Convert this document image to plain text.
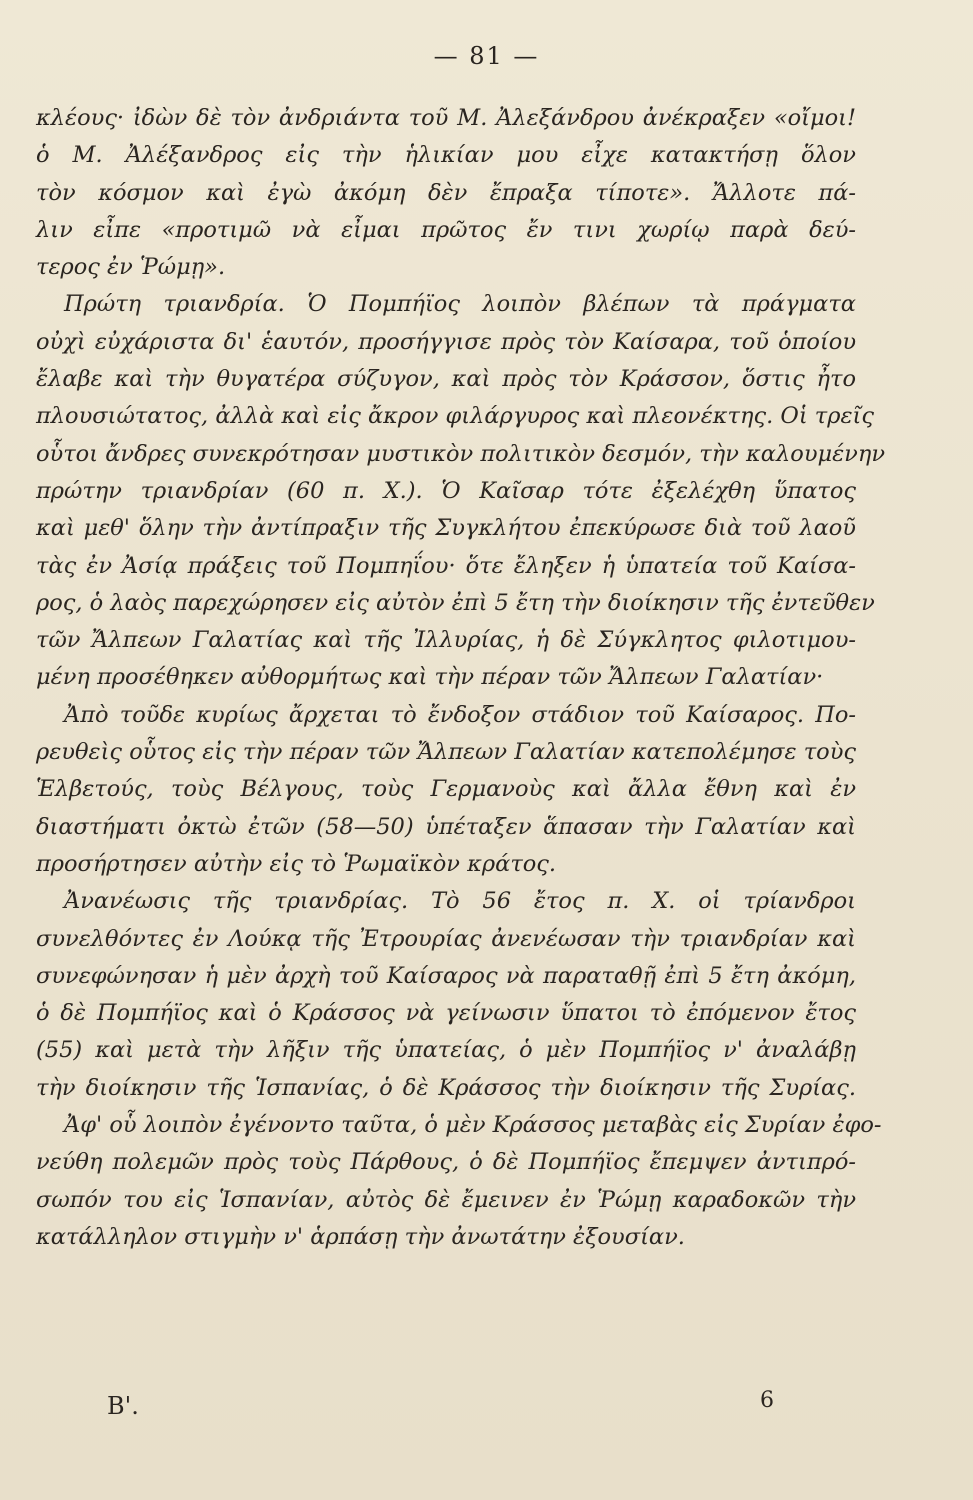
— 81 —
κλέους· ἰδὼν δὲ τὸν ἀνδριάντα τοῦ Μ. Ἀλεξάνδρου ἀνέκραξεν «οἴμοι!
ὁ Μ. Ἀλέξανδρος εἰς τὴν ἡλικίαν μου εἶχε κατακτήσῃ ὅλον
τὸν κόσμον καὶ ἐγὼ ἀκόμη δὲν ἔπραξα τίποτε». Ἄλλοτε πά-
λιν εἶπε «προτιμῶ νὰ εἶμαι πρῶτος ἔν τινι χωρίῳ παρὰ δεύ-
τερος ἐν Ῥώμῃ».
Πρώτη τριανδρία. Ὁ Πομπήϊος λοιπὸν βλέπων τὰ πράγματα
οὐχὶ εὐχάριστα δι' ἑαυτόν, προσήγγισε πρὸς τὸν Καίσαρα, τοῦ ὁποίου
ἔλαβε καὶ τὴν θυγατέρα σύζυγον, καὶ πρὸς τὸν Κράσσον, ὅστις ἦτο
πλουσιώτατος, ἀλλὰ καὶ εἰς ἄκρον φιλάργυρος καὶ πλεονέκτης. Οἱ τρεῖς
οὗτοι ἄνδρες συνεκρότησαν μυστικὸν πολιτικὸν δεσμόν, τὴν καλουμένην
πρώτην τριανδρίαν (60 π. Χ.). Ὁ Καῖσαρ τότε ἐξελέχθη ὕπατος
καὶ μεθ' ὅλην τὴν ἀντίπραξιν τῆς Συγκλήτου ἐπεκύρωσε διὰ τοῦ λαοῦ
τὰς ἐν Ἀσίᾳ πράξεις τοῦ Πομπηΐου· ὅτε ἔληξεν ἡ ὑπατεία τοῦ Καίσα-
ρος, ὁ λαὸς παρεχώρησεν εἰς αὐτὸν ἐπὶ 5 ἔτη τὴν διοίκησιν τῆς ἐντεῦθεν
τῶν Ἄλπεων Γαλατίας καὶ τῆς Ἰλλυρίας, ἡ δὲ Σύγκλητος φιλοτιμου-
μένη προσέθηκεν αὐθορμήτως καὶ τὴν πέραν τῶν Ἄλπεων Γαλατίαν·
Ἀπὸ τοῦδε κυρίως ἄρχεται τὸ ἔνδοξον στάδιον τοῦ Καίσαρος. Πο-
ρευθεὶς οὗτος εἰς τὴν πέραν τῶν Ἄλπεων Γαλατίαν κατεπολέμησε τοὺς
Ἑλβετούς, τοὺς Βέλγους, τοὺς Γερμανοὺς καὶ ἄλλα ἔθνη καὶ ἐν
διαστήματι ὀκτὼ ἐτῶν (58—50) ὑπέταξεν ἅπασαν τὴν Γαλατίαν καὶ
προσήρτησεν αὐτὴν εἰς τὸ Ῥωμαϊκὸν κράτος.
Ἀνανέωσις τῆς τριανδρίας. Τὸ 56 ἔτος π. Χ. οἱ τρίανδροι
συνελθόντες ἐν Λούκᾳ τῆς Ἐτρουρίας ἀνενέωσαν τὴν τριανδρίαν καὶ
συνεφώνησαν ἡ μὲν ἀρχὴ τοῦ Καίσαρος νὰ παραταθῇ ἐπὶ 5 ἔτη ἀκόμη,
ὁ δὲ Πομπήϊος καὶ ὁ Κράσσος νὰ γείνωσιν ὕπατοι τὸ ἐπόμενον ἔτος
(55) καὶ μετὰ τὴν λῆξιν τῆς ὑπατείας, ὁ μὲν Πομπήϊος ν' ἀναλάβῃ
τὴν διοίκησιν τῆς Ἱσπανίας, ὁ δὲ Κράσσος τὴν διοίκησιν τῆς Συρίας.
Ἀφ' οὗ λοιπὸν ἐγένοντο ταῦτα, ὁ μὲν Κράσσος μεταβὰς εἰς Συρίαν ἐφο-
νεύθη πολεμῶν πρὸς τοὺς Πάρθους, ὁ δὲ Πομπήϊος ἔπεμψεν ἀντιπρό-
σωπόν του εἰς Ἱσπανίαν, αὐτὸς δὲ ἔμεινεν ἐν Ῥώμῃ καραδοκῶν τὴν
κατάλληλον στιγμὴν ν' ἁρπάσῃ τὴν ἀνωτάτην ἐξουσίαν.
Β'.	6
